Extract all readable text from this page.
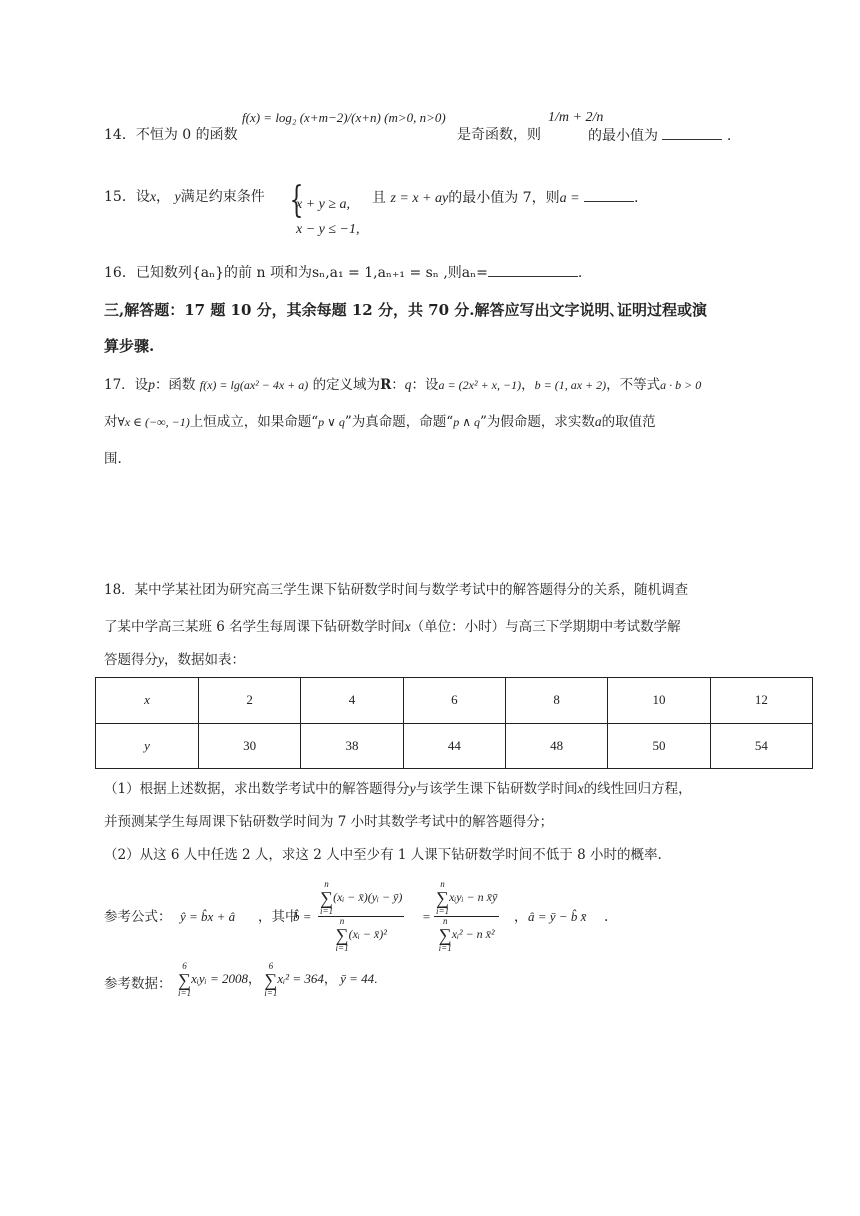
14．不恒为 0 的函数
f(x) = log₂ (x+m−2)/(x+n) (m>0, n>0)
是奇函数，则
1/m + 2/n
的最小值为	.
15．设x， y满足约束条件 {
x + y ≥ a,
x − y ≤ −1,
且 z = x + ay的最小值为 7，则a =	.
16．已知数列{aₙ}的前 n 项和为sₙ,a₁ = 1,aₙ₊₁ = sₙ ,则aₙ=	.
三,解答题：17 题 10 分，其余每题 12 分，共 70 分.解答应写出文字说明､证明过程或演
算步骤.
17．设p：函数 f(x) = lg(ax² − 4x + a) 的定义域为R：q：设a = (2x² + x, −1)，b = (1, ax + 2)，不等式a · b > 0
对∀x ∈ (−∞, −1)上恒成立，如果命题“p ∨ q”为真命题，命题“p ∧ q”为假命题，求实数a的取值范
围.
18．某中学某社团为研究高三学生课下钻研数学时间与数学考试中的解答题得分的关系，随机调查
了某中学高三某班 6 名学生每周课下钻研数学时间x（单位：小时）与高三下学期期中考试数学解
答题得分y，数据如表：
x	2	4	6	8	10	12
y	30	38	44	48	50	54
（1）根据上述数据，求出数学考试中的解答题得分y与该学生课下钻研数学时间x的线性回归方程，
并预测某学生每周课下钻研数学时间为 7 小时其数学考试中的解答题得分；
（2）从这 6 人中任选 2 人，求这 2 人中至少有 1 人课下钻研数学时间不低于 8 小时的概率.
参考公式： ŷ = b̂x + â ，其中
b̂ =
n
∑
i=1(xᵢ − x̄)(yᵢ − ȳ)
n
∑
i=1(xᵢ − x̄)²
=
n
∑
i=1xᵢyᵢ − n x̄ȳ
n
∑
i=1xᵢ² − n x̄²
， â = ȳ − b̂ x̄ .
参考数据：
6
∑
i=1xᵢyᵢ = 2008， 6
∑
i=1xᵢ² = 364， ȳ = 44.
